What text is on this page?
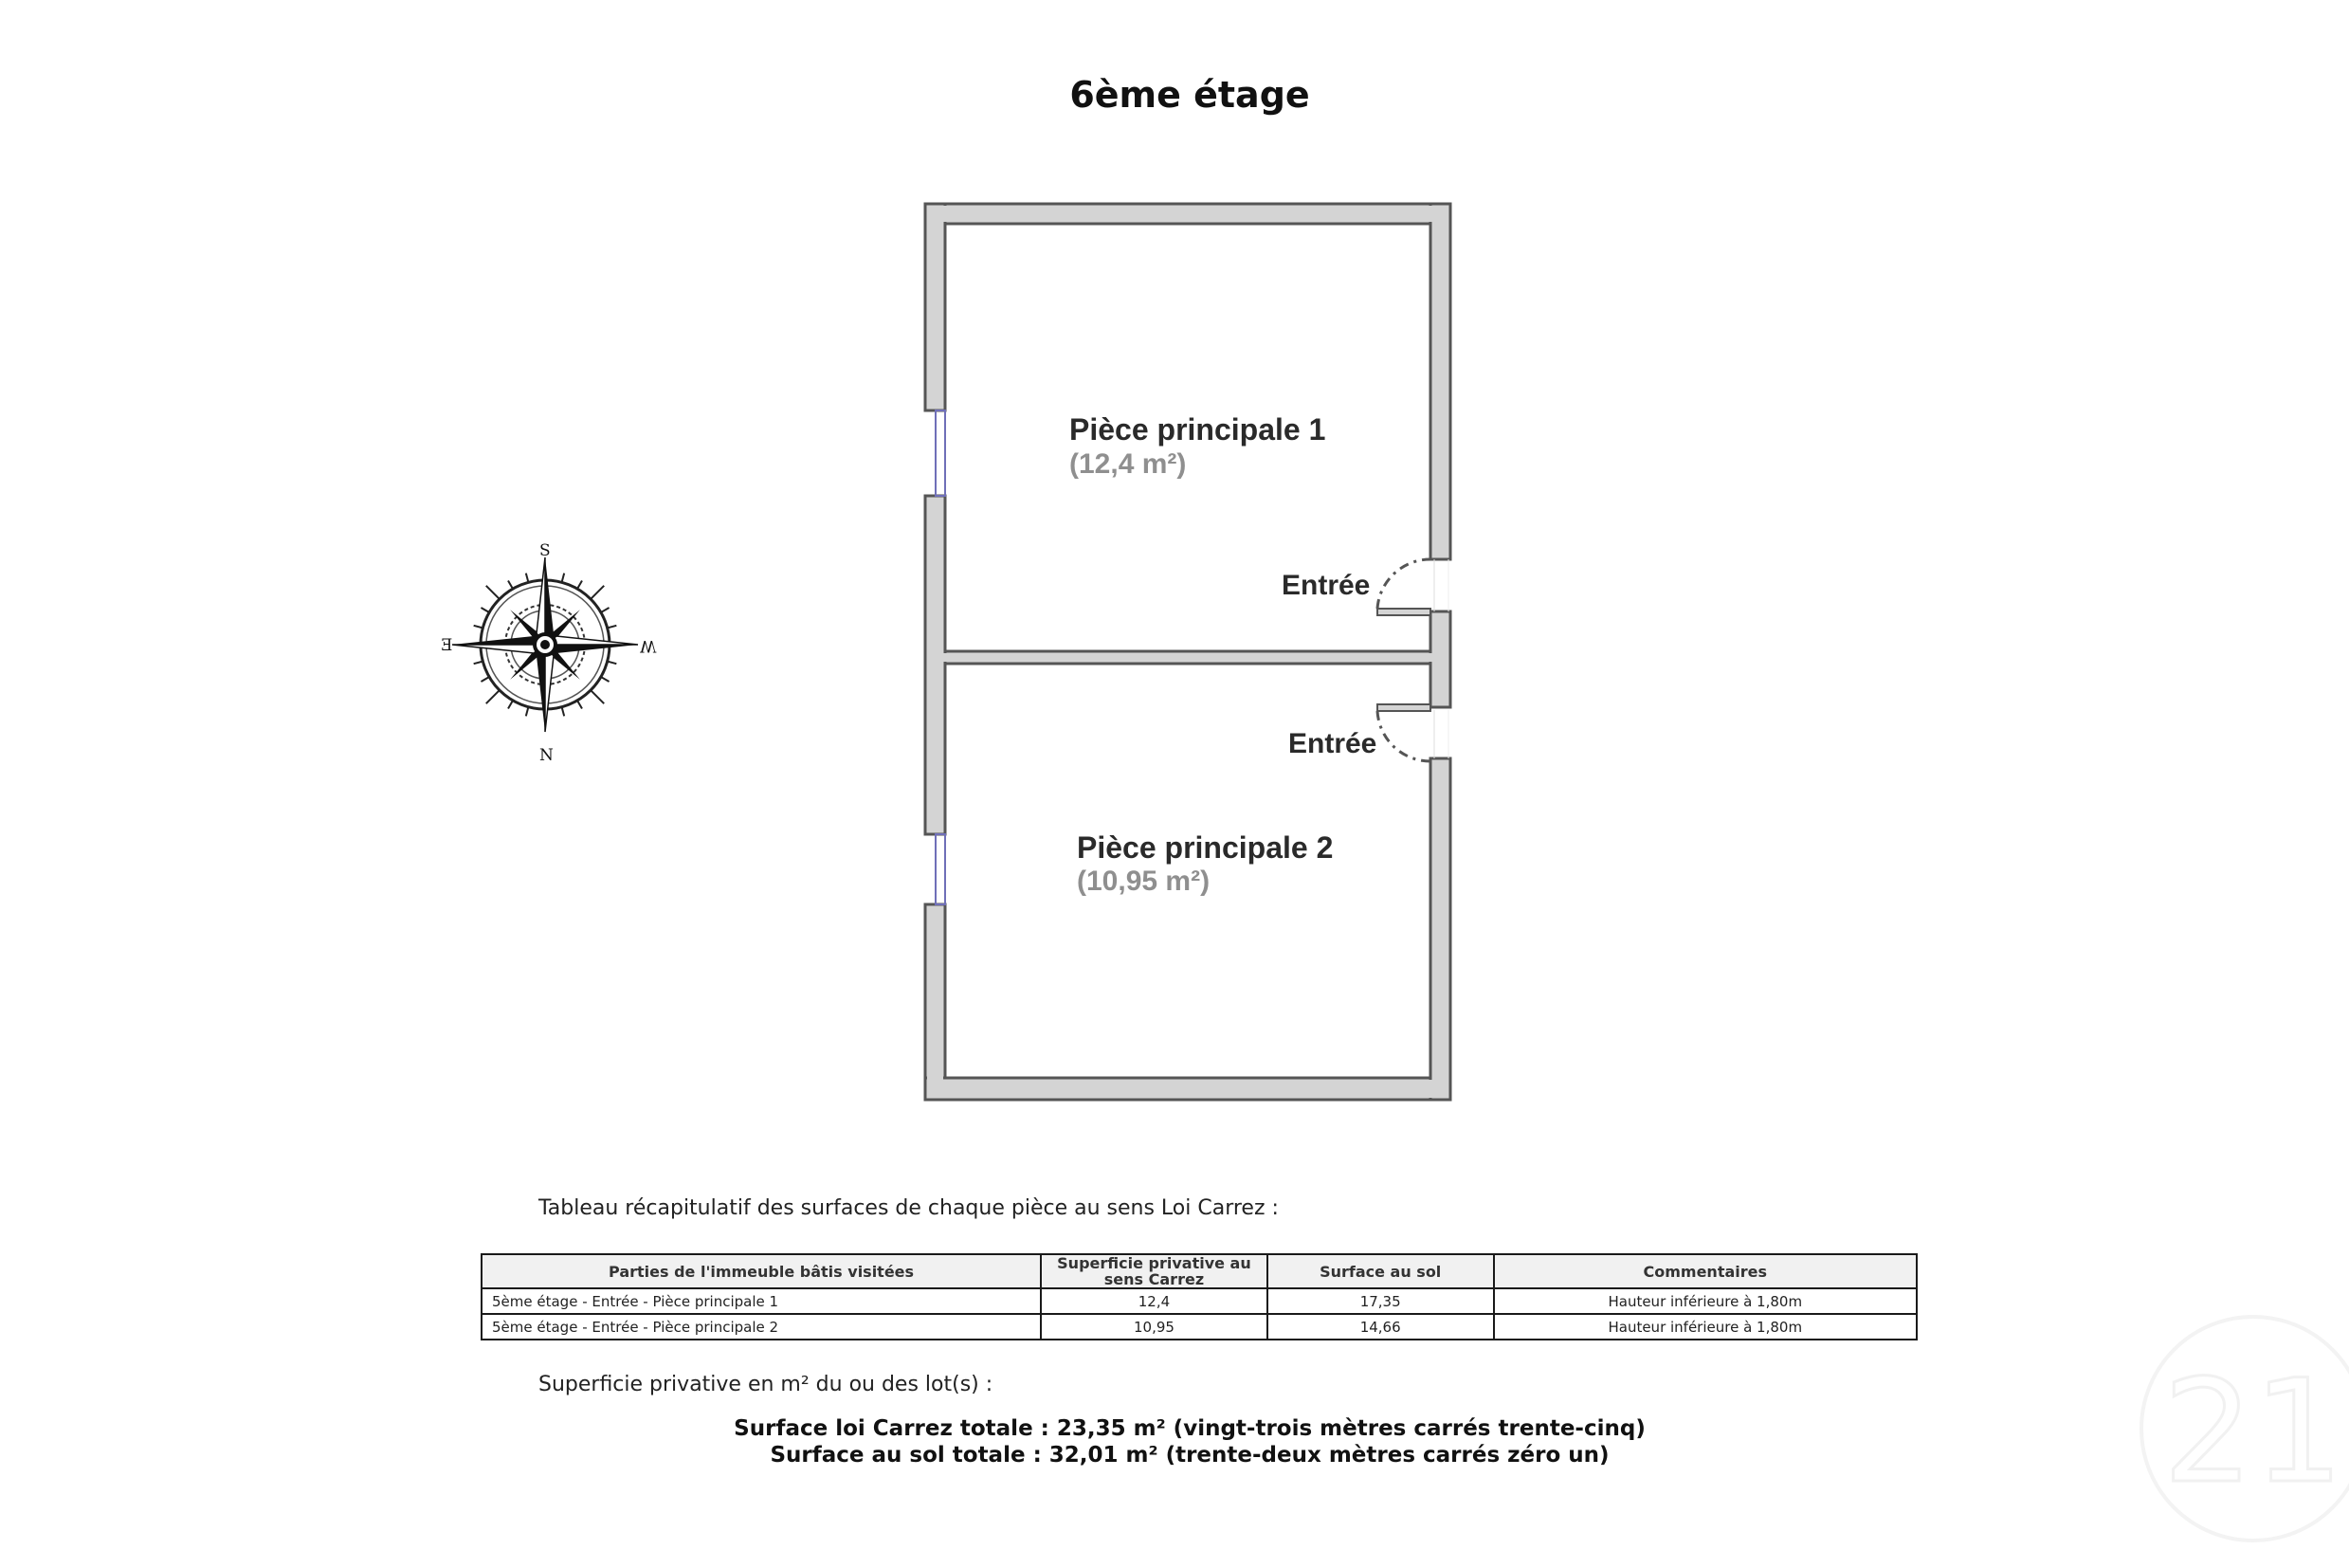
6ème étage
Pièce principale 1
(12,4 m²)
Pièce principale 2
(10,95 m²)
Entrée
Entrée
S
N
E	W
Tableau récapitulatif des surfaces de chaque pièce au sens Loi Carrez :
Parties de l'immeuble bâtis visitées	Superficie privative au sens Carrez	Surface au sol	Commentaires
5ème étage - Entrée - Pièce principale 1	12,4	17,35	Hauteur inférieure à 1,80m
5ème étage - Entrée - Pièce principale 2	10,95	14,66	Hauteur inférieure à 1,80m
Superficie privative en m² du ou des lot(s) :
Surface loi Carrez totale : 23,35 m² (vingt-trois mètres carrés trente-cinq)
Surface au sol totale : 32,01 m² (trente-deux mètres carrés zéro un)	21
